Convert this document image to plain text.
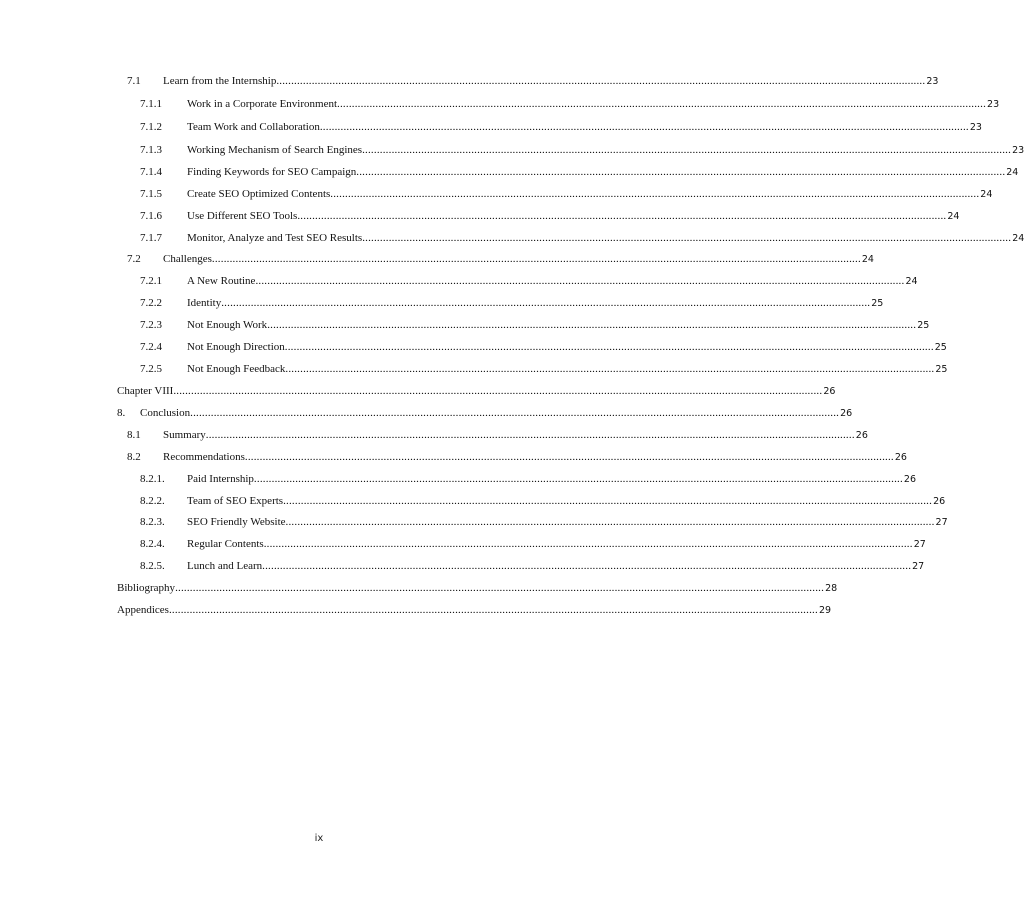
7.1 Learn from the Internship ............................................................................................................................................................................................................................ 23
7.1.1 Work in a Corporate Environment ............................................................................................................................................................................................................................ 23
7.1.2 Team Work and Collaboration ............................................................................................................................................................................................................................ 23
7.1.3 Working Mechanism of Search Engines ............................................................................................................................................................................................................................ 23
7.1.4 Finding Keywords for SEO Campaign ............................................................................................................................................................................................................................ 24
7.1.5 Create SEO Optimized Contents ............................................................................................................................................................................................................................ 24
7.1.6 Use Different SEO Tools ............................................................................................................................................................................................................................ 24
7.1.7 Monitor, Analyze and Test SEO Results ............................................................................................................................................................................................................................ 24
7.2 Challenges ............................................................................................................................................................................................................................ 24
7.2.1 A New Routine ............................................................................................................................................................................................................................ 24
7.2.2 Identity ............................................................................................................................................................................................................................ 25
7.2.3 Not Enough Work ............................................................................................................................................................................................................................ 25
7.2.4 Not Enough Direction ............................................................................................................................................................................................................................ 25
7.2.5 Not Enough Feedback ............................................................................................................................................................................................................................ 25
Chapter VIII ............................................................................................................................................................................................................................ 26
8. Conclusion ............................................................................................................................................................................................................................ 26
8.1 Summary ............................................................................................................................................................................................................................ 26
8.2 Recommendations ............................................................................................................................................................................................................................ 26
8.2.1. Paid Internship ............................................................................................................................................................................................................................ 26
8.2.2. Team of SEO Experts ............................................................................................................................................................................................................................ 26
8.2.3. SEO Friendly Website ............................................................................................................................................................................................................................ 27
8.2.4. Regular Contents ............................................................................................................................................................................................................................ 27
8.2.5. Lunch and Learn ............................................................................................................................................................................................................................ 27
Bibliography ............................................................................................................................................................................................................................ 28
Appendices ............................................................................................................................................................................................................................ 29
ix
